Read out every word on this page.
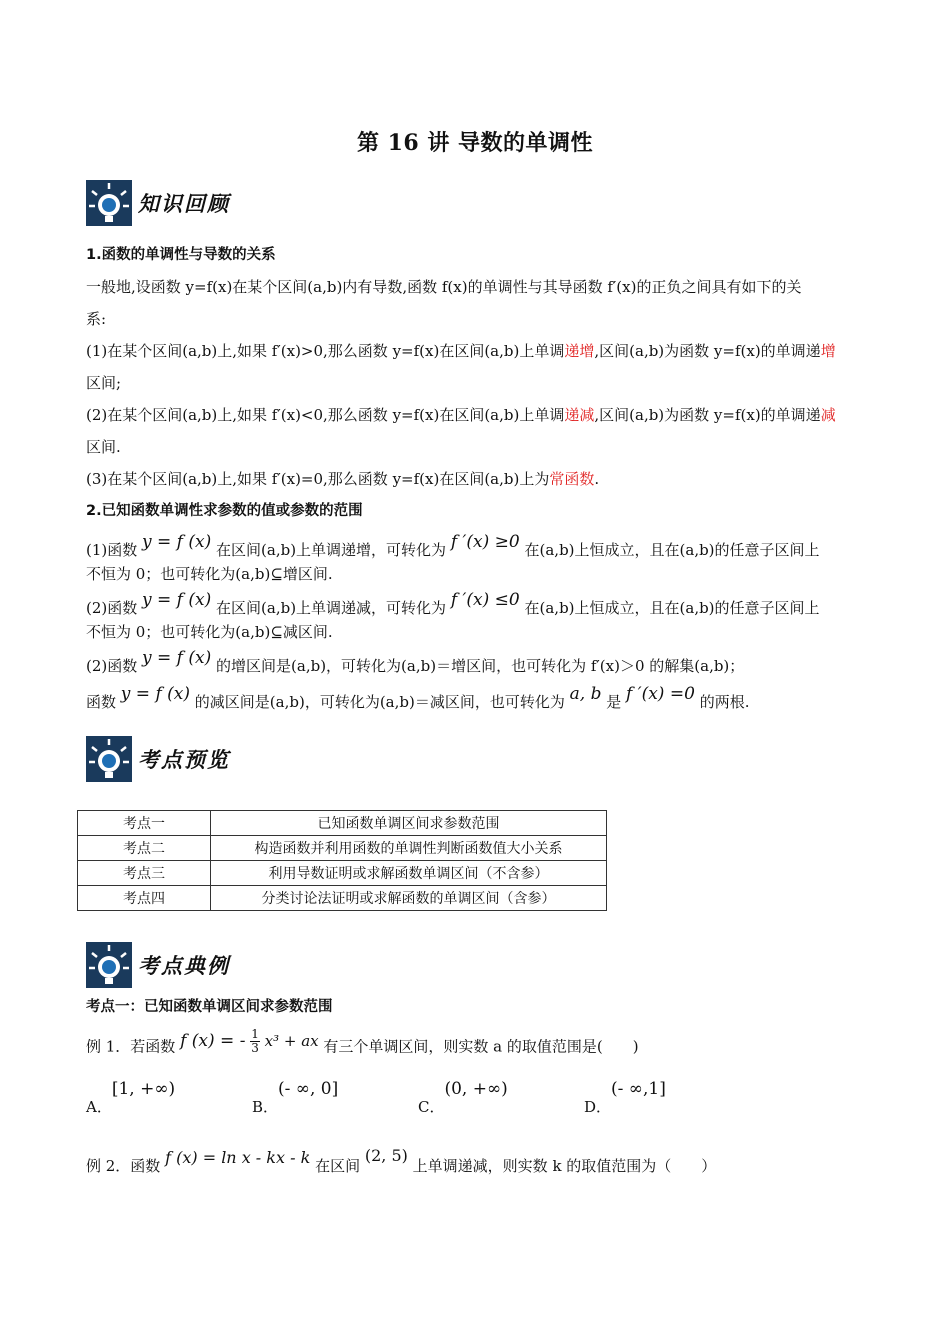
第 16 讲 导数的单调性
知识回顾
1.函数的单调性与导数的关系
一般地,设函数 y=f(x)在某个区间(a,b)内有导数,函数 f(x)的单调性与其导函数 f′(x)的正负之间具有如下的关
系:
(1)在某个区间(a,b)上,如果 f′(x)>0,那么函数 y=f(x)在区间(a,b)上单调递增,区间(a,b)为函数 y=f(x)的单调递增
区间;
(2)在某个区间(a,b)上,如果 f′(x)<0,那么函数 y=f(x)在区间(a,b)上单调递减,区间(a,b)为函数 y=f(x)的单调递减
区间.
(3)在某个区间(a,b)上,如果 f′(x)=0,那么函数 y=f(x)在区间(a,b)上为常函数.
2.已知函数单调性求参数的值或参数的范围
(1)函数 y = f (x) 在区间(a,b)上单调递增，可转化为 f ′(x) ≥0 在(a,b)上恒成立，且在(a,b)的任意子区间上
不恒为 0；也可转化为(a,b)⊆增区间.
(2)函数 y = f (x) 在区间(a,b)上单调递减，可转化为 f ′(x) ≤0 在(a,b)上恒成立，且在(a,b)的任意子区间上
不恒为 0；也可转化为(a,b)⊆减区间.
(2)函数 y = f (x) 的增区间是(a,b)，可转化为(a,b)＝增区间，也可转化为 f′(x)＞0 的解集(a,b)；
函数 y = f (x) 的减区间是(a,b)，可转化为(a,b)＝减区间，也可转化为 a, b 是 f ′(x) =0 的两根.
考点预览
考点一	已知函数单调区间求参数范围
考点二	构造函数并利用函数的单调性判断函数值大小关系
考点三	利用导数证明或求解函数单调区间（不含参）
考点四	分类讨论法证明或求解函数的单调区间（含参）
考点典例
考点一：已知函数单调区间求参数范围
例 1．若函数 f (x) = - $\frac{1}{3} x^3$ + ax 有三个单调区间，则实数 a 的取值范围是(　　)
A．[1, +∞)
B．(- ∞, 0]
C．(0, +∞)
D．(- ∞,1]
例 2．函数 f (x) = ln x - kx - k 在区间 (2, 5) 上单调递减，则实数 k 的取值范围为（　　）
